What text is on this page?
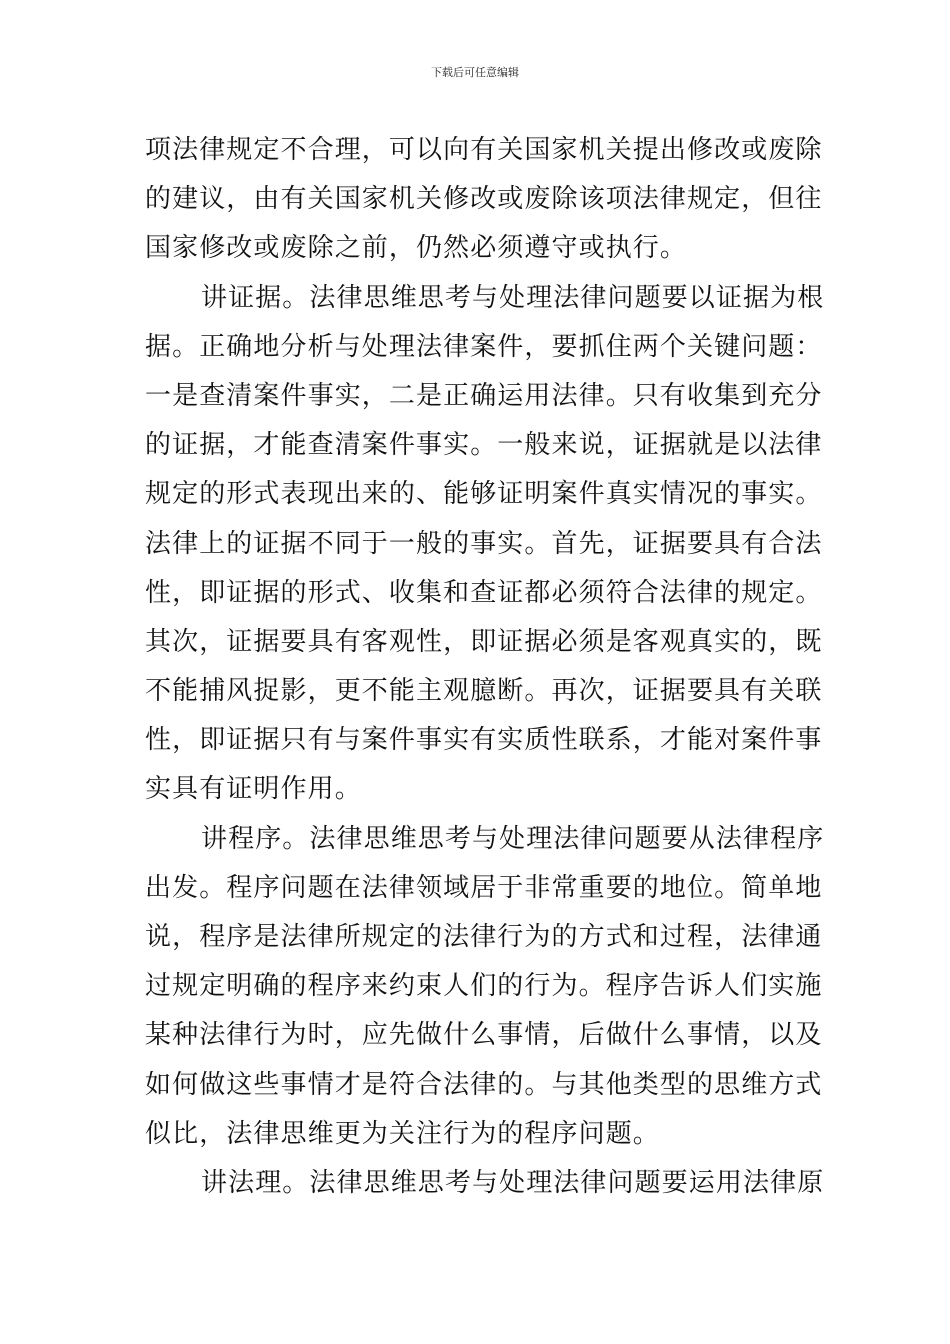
下载后可任意编辑
项法律规定不合理，可以向有关国家机关提出修改或废除
的建议，由有关国家机关修改或废除该项法律规定，但往
国家修改或废除之前，仍然必须遵守或执行。
讲证据。法律思维思考与处理法律问题要以证据为根
据。正确地分析与处理法律案件，要抓住两个关键问题：
一是查清案件事实，二是正确运用法律。只有收集到充分
的证据，才能查清案件事实。一般来说，证据就是以法律
规定的形式表现出来的、能够证明案件真实情况的事实。
法律上的证据不同于一般的事实。首先，证据要具有合法
性，即证据的形式、收集和查证都必须符合法律的规定。
其次，证据要具有客观性，即证据必须是客观真实的，既
不能捕风捉影，更不能主观臆断。再次，证据要具有关联
性，即证据只有与案件事实有实质性联系，才能对案件事
实具有证明作用。
讲程序。法律思维思考与处理法律问题要从法律程序
出发。程序问题在法律领域居于非常重要的地位。简单地
说，程序是法律所规定的法律行为的方式和过程，法律通
过规定明确的程序来约束人们的行为。程序告诉人们实施
某种法律行为时，应先做什么事情，后做什么事情，以及
如何做这些事情才是符合法律的。与其他类型的思维方式
似比，法律思维更为关注行为的程序问题。
讲法理。法律思维思考与处理法律问题要运用法律原
